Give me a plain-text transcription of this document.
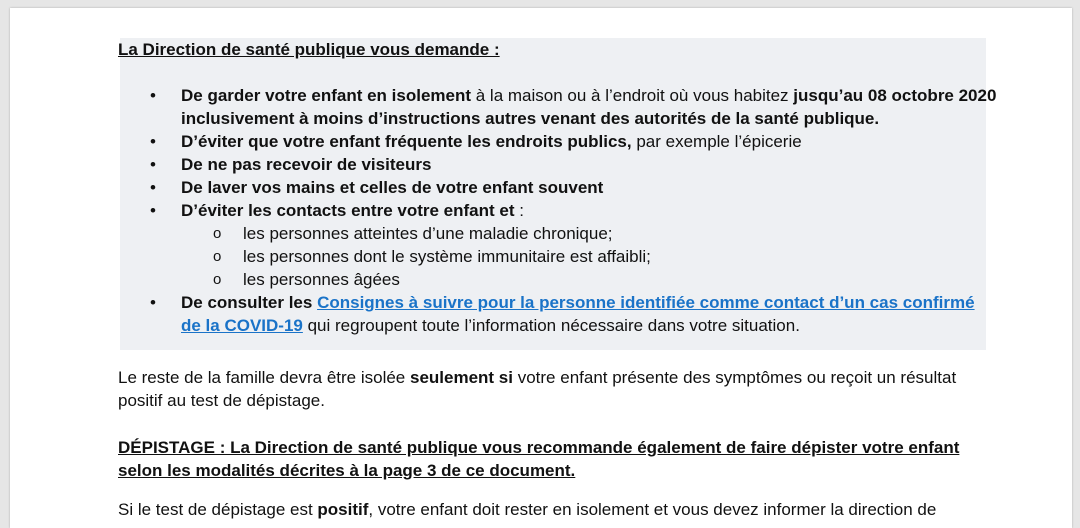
La Direction de santé publique vous demande :
• De garder votre enfant en isolement à la maison ou à l’endroit où vous habitez jusqu’au 08 octobre 2020 inclusivement à moins d’instructions autres venant des autorités de la santé publique.
• D’éviter que votre enfant fréquente les endroits publics, par exemple l’épicerie
• De ne pas recevoir de visiteurs
• De laver vos mains et celles de votre enfant souvent
• D’éviter les contacts entre votre enfant et :
o les personnes atteintes d’une maladie chronique;
o les personnes dont le système immunitaire est affaibli;
o les personnes âgées
• De consulter les Consignes à suivre pour la personne identifiée comme contact d’un cas confirmé de la COVID-19 qui regroupent toute l’information nécessaire dans votre situation.
Le reste de la famille devra être isolée seulement si votre enfant présente des symptômes ou reçoit un résultat positif au test de dépistage.
DÉPISTAGE : La Direction de santé publique vous recommande également de faire dépister votre enfant selon les modalités décrites à la page 3 de ce document.
Si le test de dépistage est positif, votre enfant doit rester en isolement et vous devez informer la direction de
